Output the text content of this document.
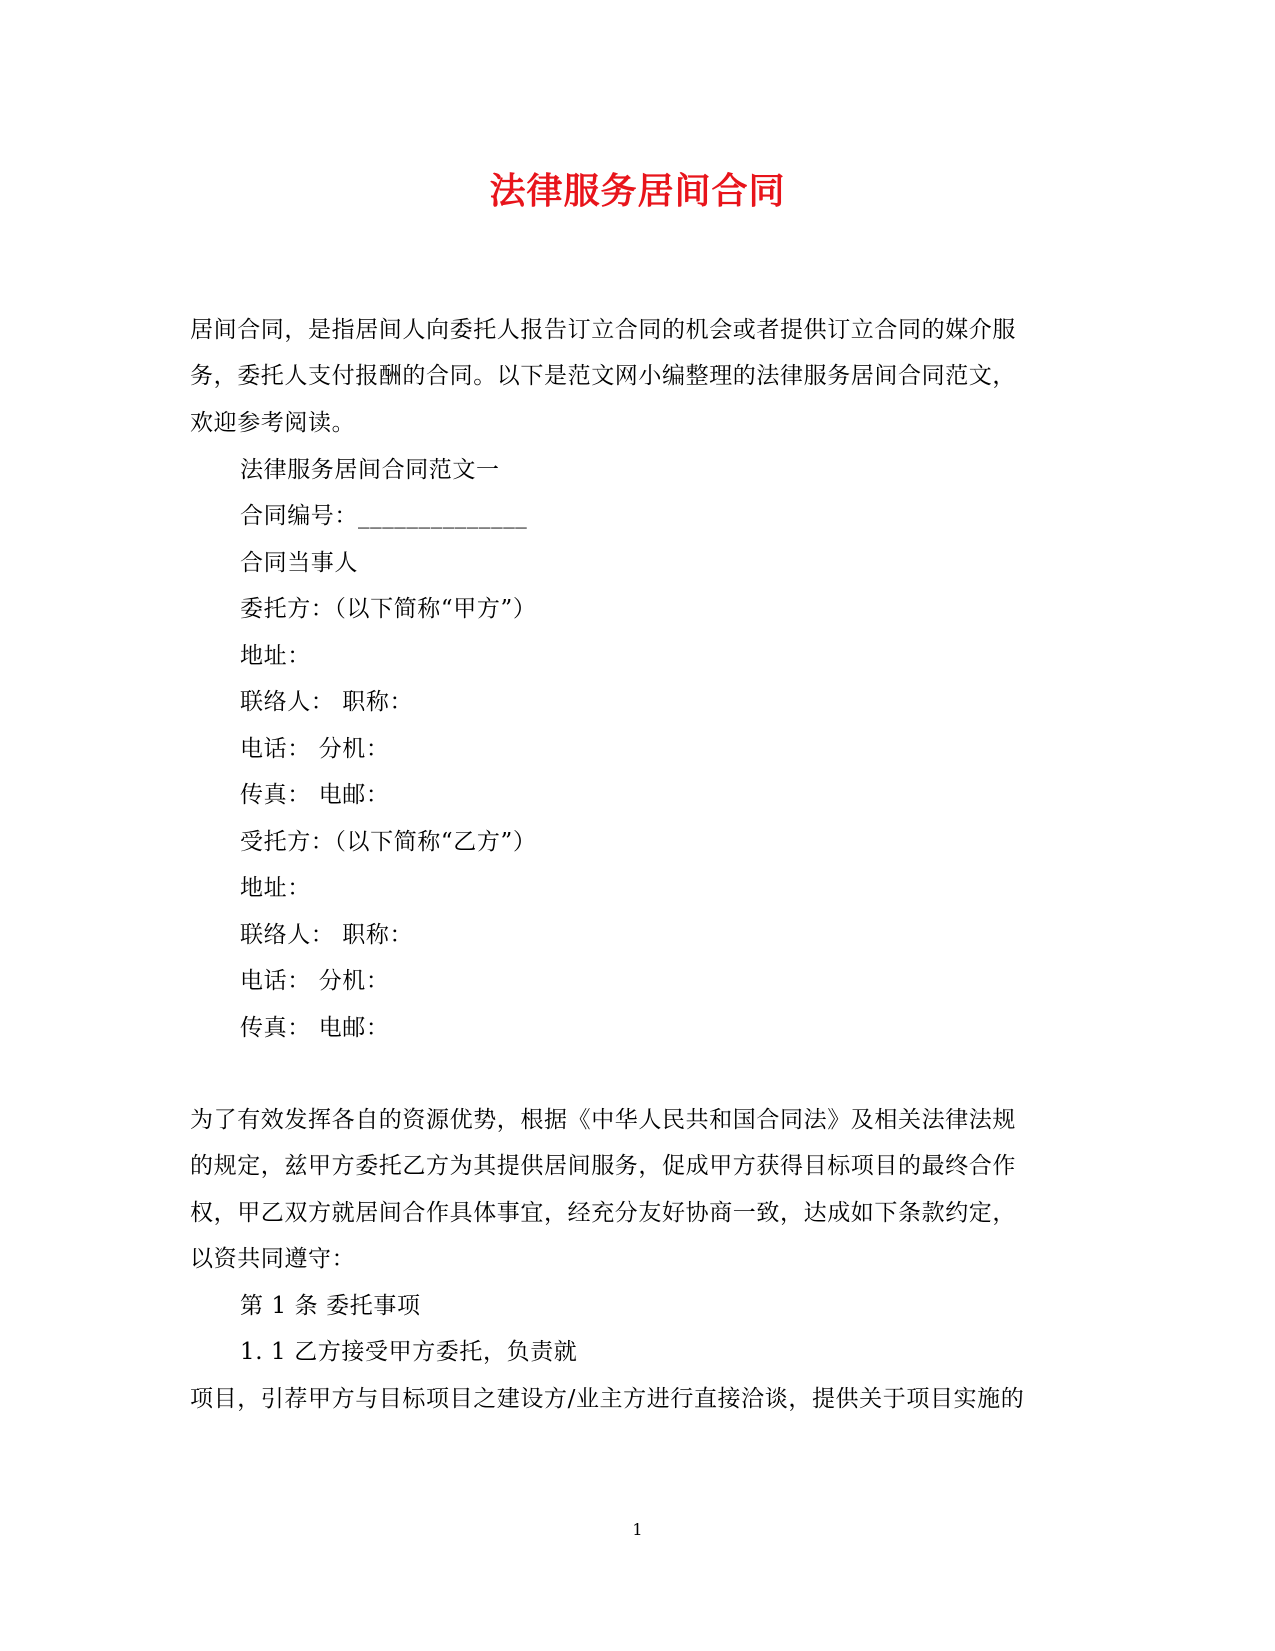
法律服务居间合同
居间合同，是指居间人向委托人报告订立合同的机会或者提供订立合同的媒介服
务，委托人支付报酬的合同。以下是范文网小编整理的法律服务居间合同范文，
欢迎参考阅读。
法律服务居间合同范文一
合同编号：______________
合同当事人
委托方：（以下简称“甲方”）
地址：
联络人： 职称：
电话： 分机：
传真： 电邮：
受托方：（以下简称“乙方”）
地址：
联络人： 职称：
电话： 分机：
传真： 电邮：
为了有效发挥各自的资源优势，根据《中华人民共和国合同法》及相关法律法规
的规定，兹甲方委托乙方为其提供居间服务，促成甲方获得目标项目的最终合作
权，甲乙双方就居间合作具体事宜，经充分友好协商一致，达成如下条款约定，
以资共同遵守：
第 1 条 委托事项
1. 1 乙方接受甲方委托，负责就
项目，引荐甲方与目标项目之建设方/业主方进行直接洽谈，提供关于项目实施的
1
